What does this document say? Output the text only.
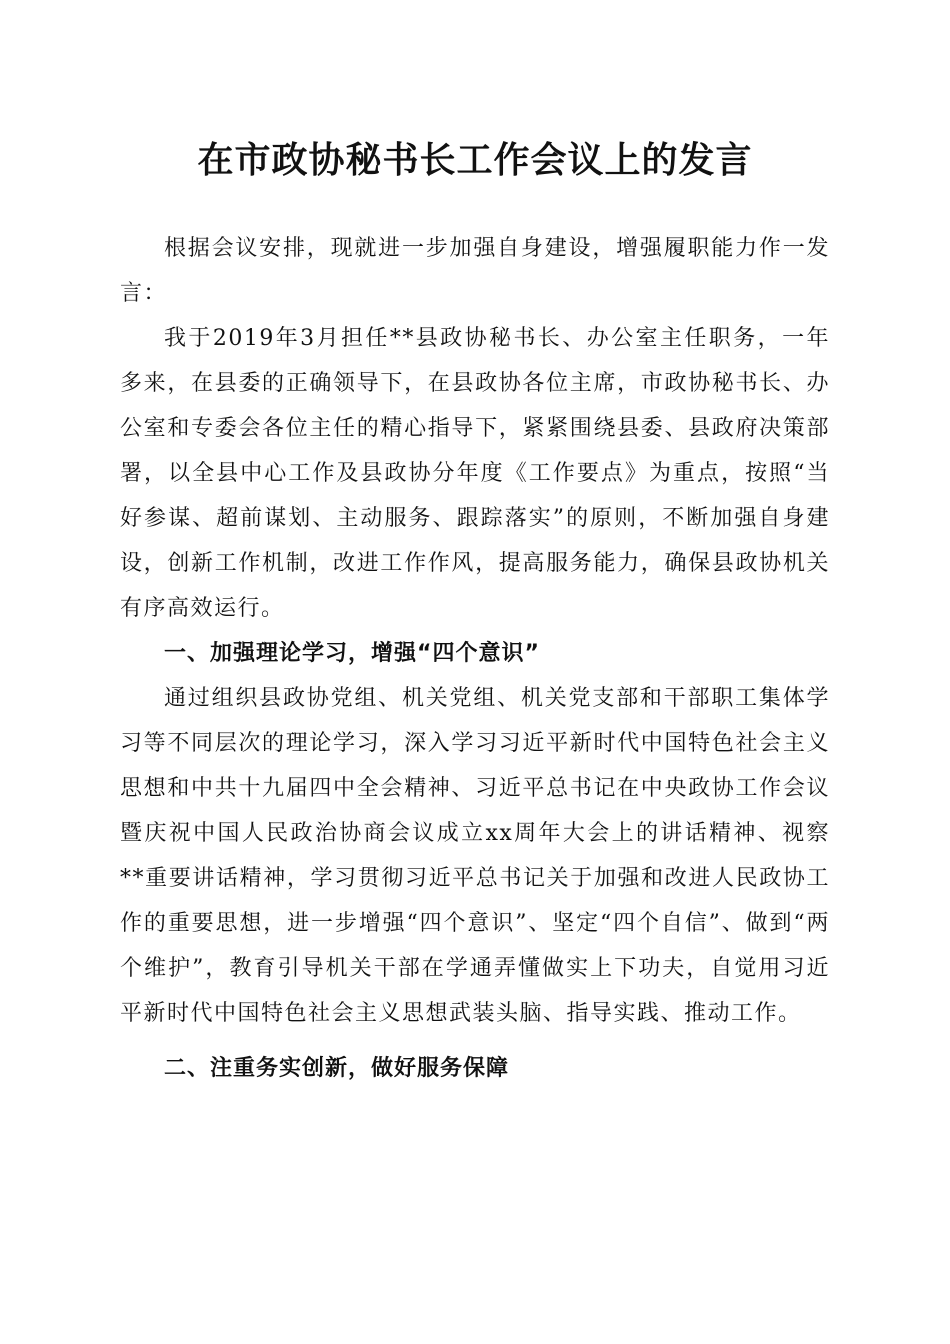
在市政协秘书长工作会议上的发言

根据会议安排，现就进一步加强自身建设，增强履职能力作一发言：

我于2019年3月担任**县政协秘书长、办公室主任职务，一年多来，在县委的正确领导下，在县政协各位主席，市政协秘书长、办公室和专委会各位主任的精心指导下，紧紧围绕县委、县政府决策部署，以全县中心工作及县政协分年度《工作要点》为重点，按照“当好参谋、超前谋划、主动服务、跟踪落实”的原则，不断加强自身建设，创新工作机制，改进工作作风，提高服务能力，确保县政协机关有序高效运行。

一、加强理论学习，增强“四个意识”

通过组织县政协党组、机关党组、机关党支部和干部职工集体学习等不同层次的理论学习，深入学习习近平新时代中国特色社会主义思想和中共十九届四中全会精神、习近平总书记在中央政协工作会议暨庆祝中国人民政治协商会议成立xx周年大会上的讲话精神、视察**重要讲话精神，学习贯彻习近平总书记关于加强和改进人民政协工作的重要思想，进一步增强“四个意识”、坚定“四个自信”、做到“两个维护”，教育引导机关干部在学通弄懂做实上下功夫，自觉用习近平新时代中国特色社会主义思想武装头脑、指导实践、推动工作。

二、注重务实创新，做好服务保障
